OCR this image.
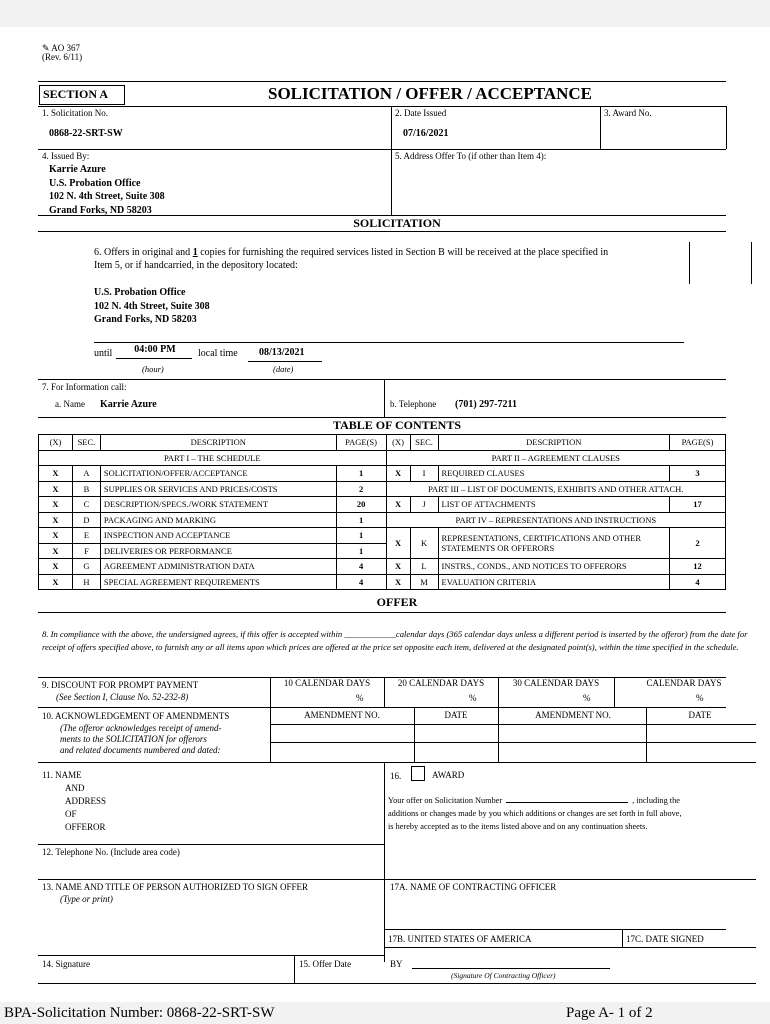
✎ AO 367
(Rev. 6/11)
SECTION A	SOLICITATION / OFFER / ACCEPTANCE
1. Solicitation No.
0868-22-SRT-SW
2. Date Issued
07/16/2021
3. Award No.
4. Issued By:
Karrie Azure
U.S. Probation Office
102 N. 4th Street, Suite 308
Grand Forks, ND 58203
5. Address Offer To (if other than Item 4):
SOLICITATION
6. Offers in original and 1 copies for furnishing the required services listed in Section B will be received at the place specified in
Item 5, or if handcarried, in the depository located:
U.S. Probation Office
102 N. 4th Street, Suite 308
Grand Forks, ND 58203
until	04:00 PM	local time 08/13/2021
(hour)	(date)
7. For Information call:
a. Name Karrie Azure	b. Telephone (701) 297-7211
TABLE OF CONTENTS
(X)	SEC.	DESCRIPTION	PAGE(S)	(X)	SEC.	DESCRIPTION	PAGE(S)
PART I – THE SCHEDULE				PART II – AGREEMENT CLAUSES			
X	A	SOLICITATION/OFFER/ACCEPTANCE	1	X	I	REQUIRED CLAUSES	3
X	B	SUPPLIES OR SERVICES AND PRICES/COSTS	2	PART III – LIST OF DOCUMENTS, EXHIBITS AND OTHER ATTACH.			
X	C	DESCRIPTION/SPECS./WORK STATEMENT	20	X	J	LIST OF ATTACHMENTS	17
X	D	PACKAGING AND MARKING	1	PART IV – REPRESENTATIONS AND INSTRUCTIONS			
X	E	INSPECTION AND ACCEPTANCE	1	X	K	REPRESENTATIONS, CERTIFICATIONS AND OTHER STATEMENTS OR OFFERORS	2
X	F	DELIVERIES OR PERFORMANCE	1				
X	G	AGREEMENT ADMINISTRATION DATA	4	X	L	INSTRS., CONDS., AND NOTICES TO OFFERORS	12
X	H	SPECIAL AGREEMENT REQUIREMENTS	4	X	M	EVALUATION CRITERIA	4
OFFER
8. In compliance with the above, the undersigned agrees, if this offer is accepted within ____________calendar days (365 calendar days unless a different period is inserted by the offeror) from the date for receipt of offers specified above, to furnish any or all items upon which prices are offered at the price set opposite each item, delivered at the designated point(s), within the time specified in the schedule.
9. DISCOUNT FOR PROMPT PAYMENT
(See Section I, Clause No. 52-232-8)
10 CALENDAR DAYS
%
20 CALENDAR DAYS
%
30 CALENDAR DAYS
%
CALENDAR DAYS
%
10. ACKNOWLEDGEMENT OF AMENDMENTS
(The offeror acknowledges receipt of amend-
ments to the SOLICITATION for offerors
and related documents numbered and dated:
AMENDMENT NO.	DATE	AMENDMENT NO.	DATE
11. NAME
AND
ADDRESS
OF
OFFEROR
16.	AWARD
Your offer on Solicitation Number	, including the
additions or changes made by you which additions or changes are set forth in full above,
is hereby accepted as to the items listed above and on any continuation sheets.
12. Telephone No. (Include area code)
13. NAME AND TITLE OF PERSON AUTHORIZED TO SIGN OFFER
(Type or print)
17A. NAME OF CONTRACTING OFFICER
17B. UNITED STATES OF AMERICA	17C. DATE SIGNED
14. Signature	15. Offer Date	BY
(Signature Of Contracting Officer)
BPA-Solicitation Number: 0868-22-SRT-SW	Page A- 1 of 2
